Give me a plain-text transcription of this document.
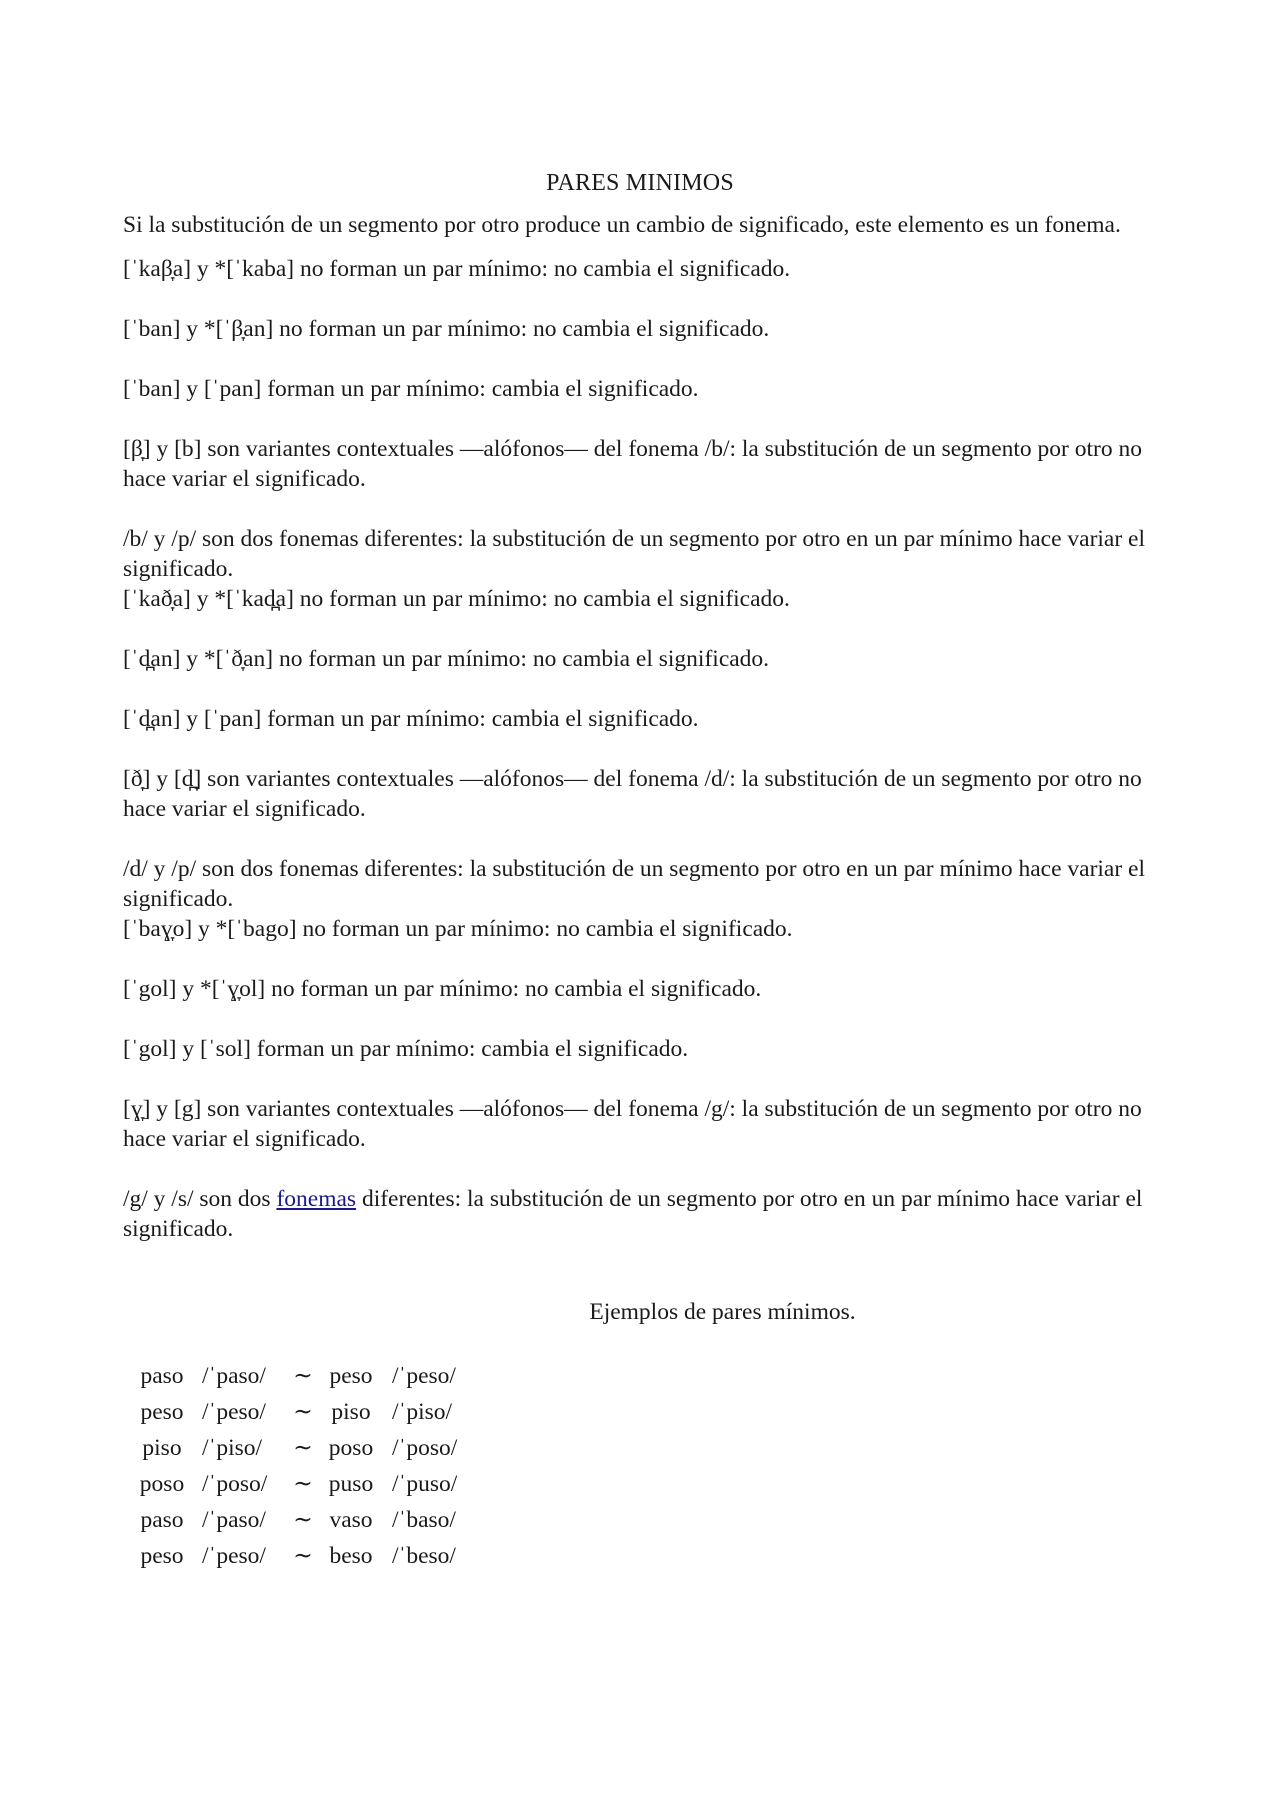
PARES MINIMOS

Si la substitución de un segmento por otro produce un cambio de significado, este elemento es un fonema.

[ˈkaβ̞a] y *[ˈkaba] no forman un par mínimo: no cambia el significado.

[ˈban] y *[ˈβ̞an] no forman un par mínimo: no cambia el significado.

[ˈban] y [ˈpan] forman un par mínimo: cambia el significado.

[β̞] y [b] son variantes contextuales —alófonos— del fonema /b/: la substitución de un segmento por otro no hace variar el significado.

/b/ y /p/ son dos fonemas diferentes: la substitución de un segmento por otro en un par mínimo hace variar el significado.

[ˈkað̞a] y *[ˈkad̪a] no forman un par mínimo: no cambia el significado.

[ˈd̪an] y *[ˈð̞an] no forman un par mínimo: no cambia el significado.

[ˈd̪an] y [ˈpan] forman un par mínimo: cambia el significado.

[ð̞] y [d̪] son variantes contextuales —alófonos— del fonema /d/: la substitución de un segmento por otro no hace variar el significado.

/d/ y /p/ son dos fonemas diferentes: la substitución de un segmento por otro en un par mínimo hace variar el significado.

[ˈbaɣ̞o] y *[ˈbago] no forman un par mínimo: no cambia el significado.

[ˈgol] y *[ˈɣ̞ol] no forman un par mínimo: no cambia el significado.

[ˈgol] y [ˈsol] forman un par mínimo: cambia el significado.

[ɣ̞] y [g] son variantes contextuales —alófonos— del fonema /g/: la substitución de un segmento por otro no hace variar el significado.

/g/ y /s/ son dos fonemas diferentes: la substitución de un segmento por otro en un par mínimo hace variar el significado.

Ejemplos de pares mínimos.
paso /ˈpaso/	∼ peso /ˈpeso/
peso /ˈpeso/	∼ piso /ˈpiso/
piso /ˈpiso/	∼ poso /ˈposo/
poso /ˈposo/	∼ puso /ˈpuso/
paso /ˈpaso/	∼ vaso /ˈbaso/
peso /ˈpeso/	∼ beso /ˈbeso/
